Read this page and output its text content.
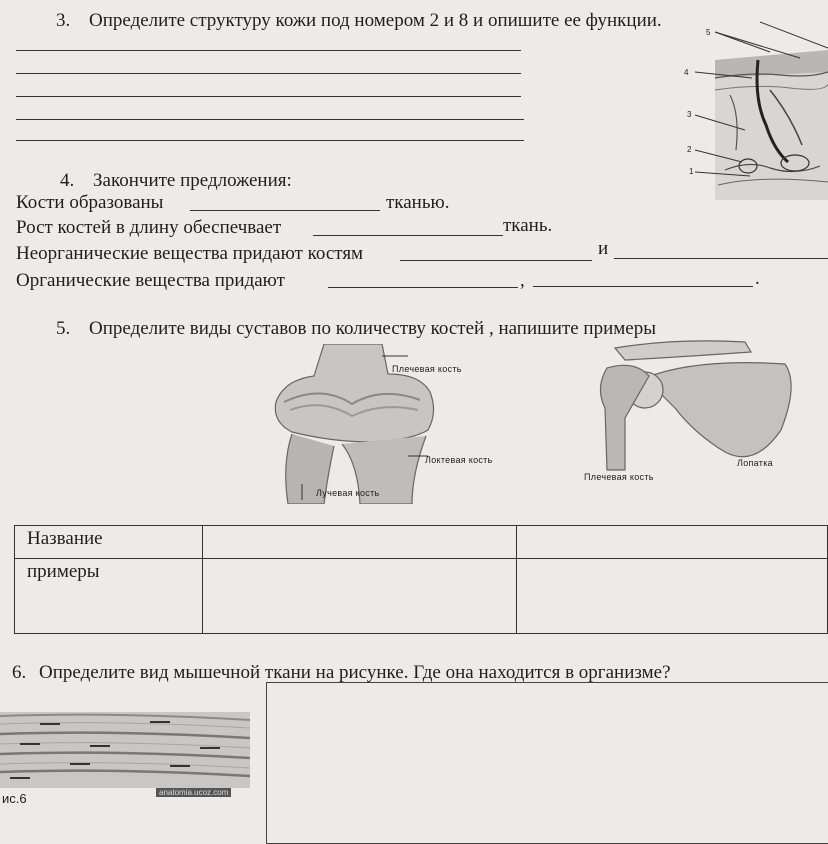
3. Определите структуру кожи под номером 2 и 8 и опишите ее функции.
5
4
3
2
1
4. Закончите предложения:
Кости образованы	тканью.
Рост костей в длину обеспечвает	ткань.
Неорганические вещества придают костям	и
Органические вещества придают	,	.
5. Определите виды суставов по количеству костей , напишите примеры
Плечевая кость
Локтевая кость
Лучевая кость
Плечевая кость
Лопатка
Название		
примеры		
6. Определите вид мышечной ткани на рисунке. Где она находится в организме?
ис.6	anatomia.ucoz.com
